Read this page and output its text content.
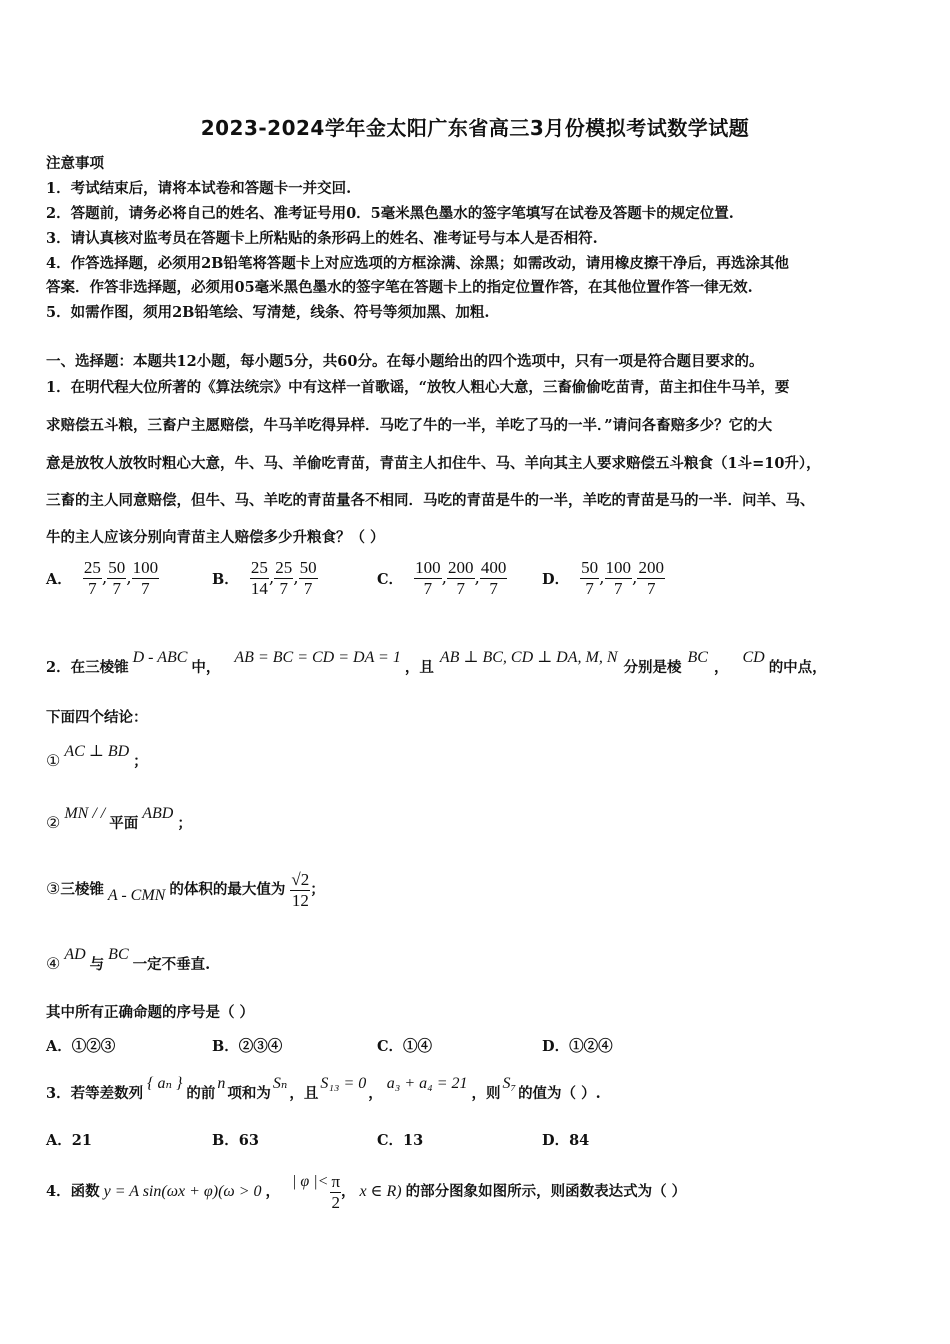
2023-2024学年金太阳广东省高三3月份模拟考试数学试题
注意事项
1．考试结束后，请将本试卷和答题卡一并交回.
2．答题前，请务必将自己的姓名、准考证号用0．5毫米黑色墨水的签字笔填写在试卷及答题卡的规定位置.
3．请认真核对监考员在答题卡上所粘贴的条形码上的姓名、准考证号与本人是否相符.
4．作答选择题，必须用2B铅笔将答题卡上对应选项的方框涂满、涂黑；如需改动，请用橡皮擦干净后，再选涂其他
答案．作答非选择题，必须用05毫米黑色墨水的签字笔在答题卡上的指定位置作答，在其他位置作答一律无效.
5．如需作图，须用2B铅笔绘、写清楚，线条、符号等须加黑、加粗.
一、选择题：本题共12小题，每小题5分，共60分。在每小题给出的四个选项中，只有一项是符合题目要求的。
1．在明代程大位所著的《算法统宗》中有这样一首歌谣，“放牧人粗心大意，三畜偷偷吃苗青，苗主扣住牛马羊，要
求赔偿五斗粮，三畜户主愿赔偿，牛马羊吃得异样．马吃了牛的一半，羊吃了马的一半．”请问各畜赔多少？它的大
意是放牧人放牧时粗心大意，牛、马、羊偷吃青苗，青苗主人扣住牛、马、羊向其主人要求赔偿五斗粮食（1斗=10升），
三畜的主人同意赔偿，但牛、马、羊吃的青苗量各不相同．马吃的青苗是牛的一半，羊吃的青苗是马的一半．问羊、马、
牛的主人应该分别向青苗主人赔偿多少升粮食？（ ）
A． $\frac{25}{7}$ , $\frac{50}{7}$ , $\frac{100}{7}$	B． $\frac{25}{14}$ , $\frac{25}{7}$ , $\frac{50}{7}$	C． $\frac{100}{7}$ , $\frac{200}{7}$ , $\frac{400}{7}$ D． $\frac{50}{7}$ , $\frac{100}{7}$ , $\frac{200}{7}$
2．在三棱锥D - ABC中，AB = BC = CD = DA = 1，且AB ⊥ BC, CD ⊥ DA, M, N分别是棱BC，CD的中点，
下面四个结论：
① AC ⊥ BD；
② MN / /平面ABD；
③三棱锥 A - CMN 的体积的最大值为 $\frac{√2}{12}$ ；
④ AD与BC一定不垂直.
其中所有正确命题的序号是（ ）
A．①②③	B．②③④	C．①④	D．①②④
3．若等差数列{ aₙ }的前n项和为Sₙ，且S₁₃ = 0，a₃ + a₄ = 21，则S₇的值为（ ）.
A．21	B．63	C．13	D．84
4．函数 y = A sin(ωx + φ)(ω > 0 ，| φ |< $\frac{\pi}{2}$ ， x ∈ R) 的部分图象如图所示，则函数表达式为（ ）
